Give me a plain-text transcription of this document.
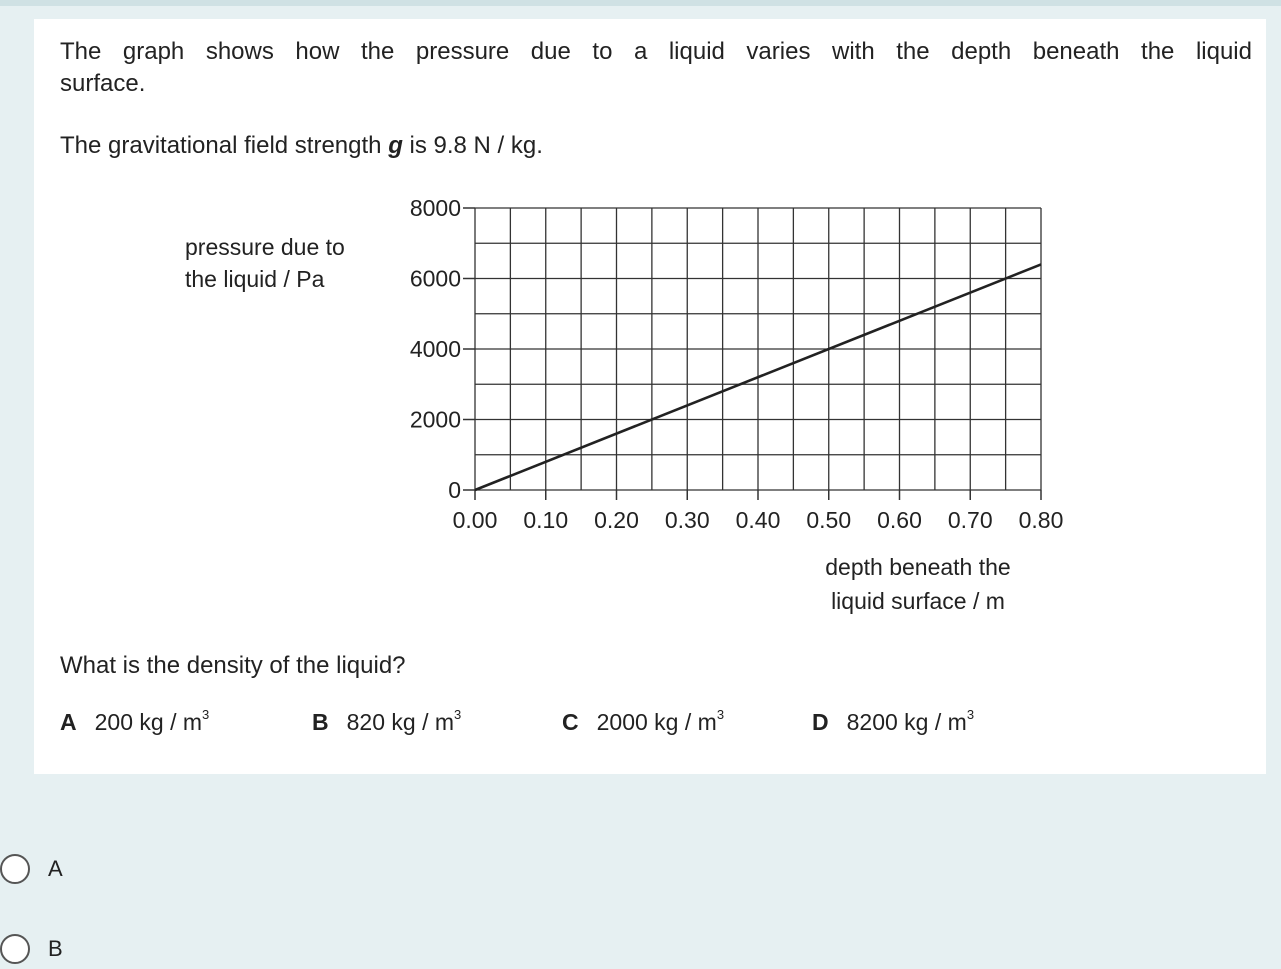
The graph shows how the pressure due to a liquid varies with the depth beneath the liquid
surface.
The gravitational field strength g is 9.8 N / kg.
0
2000
4000
6000
8000
0.00 0.10 0.20 0.30 0.40 0.50 0.60 0.70 0.80
pressure due to
the liquid / Pa
depth beneath the
liquid surface / m
What is the density of the liquid?
A 200 kg / $m^3$	B 820 kg / $m^3$	C 2000 kg / $m^3$	D 8200 kg / $m^3$
A
B
